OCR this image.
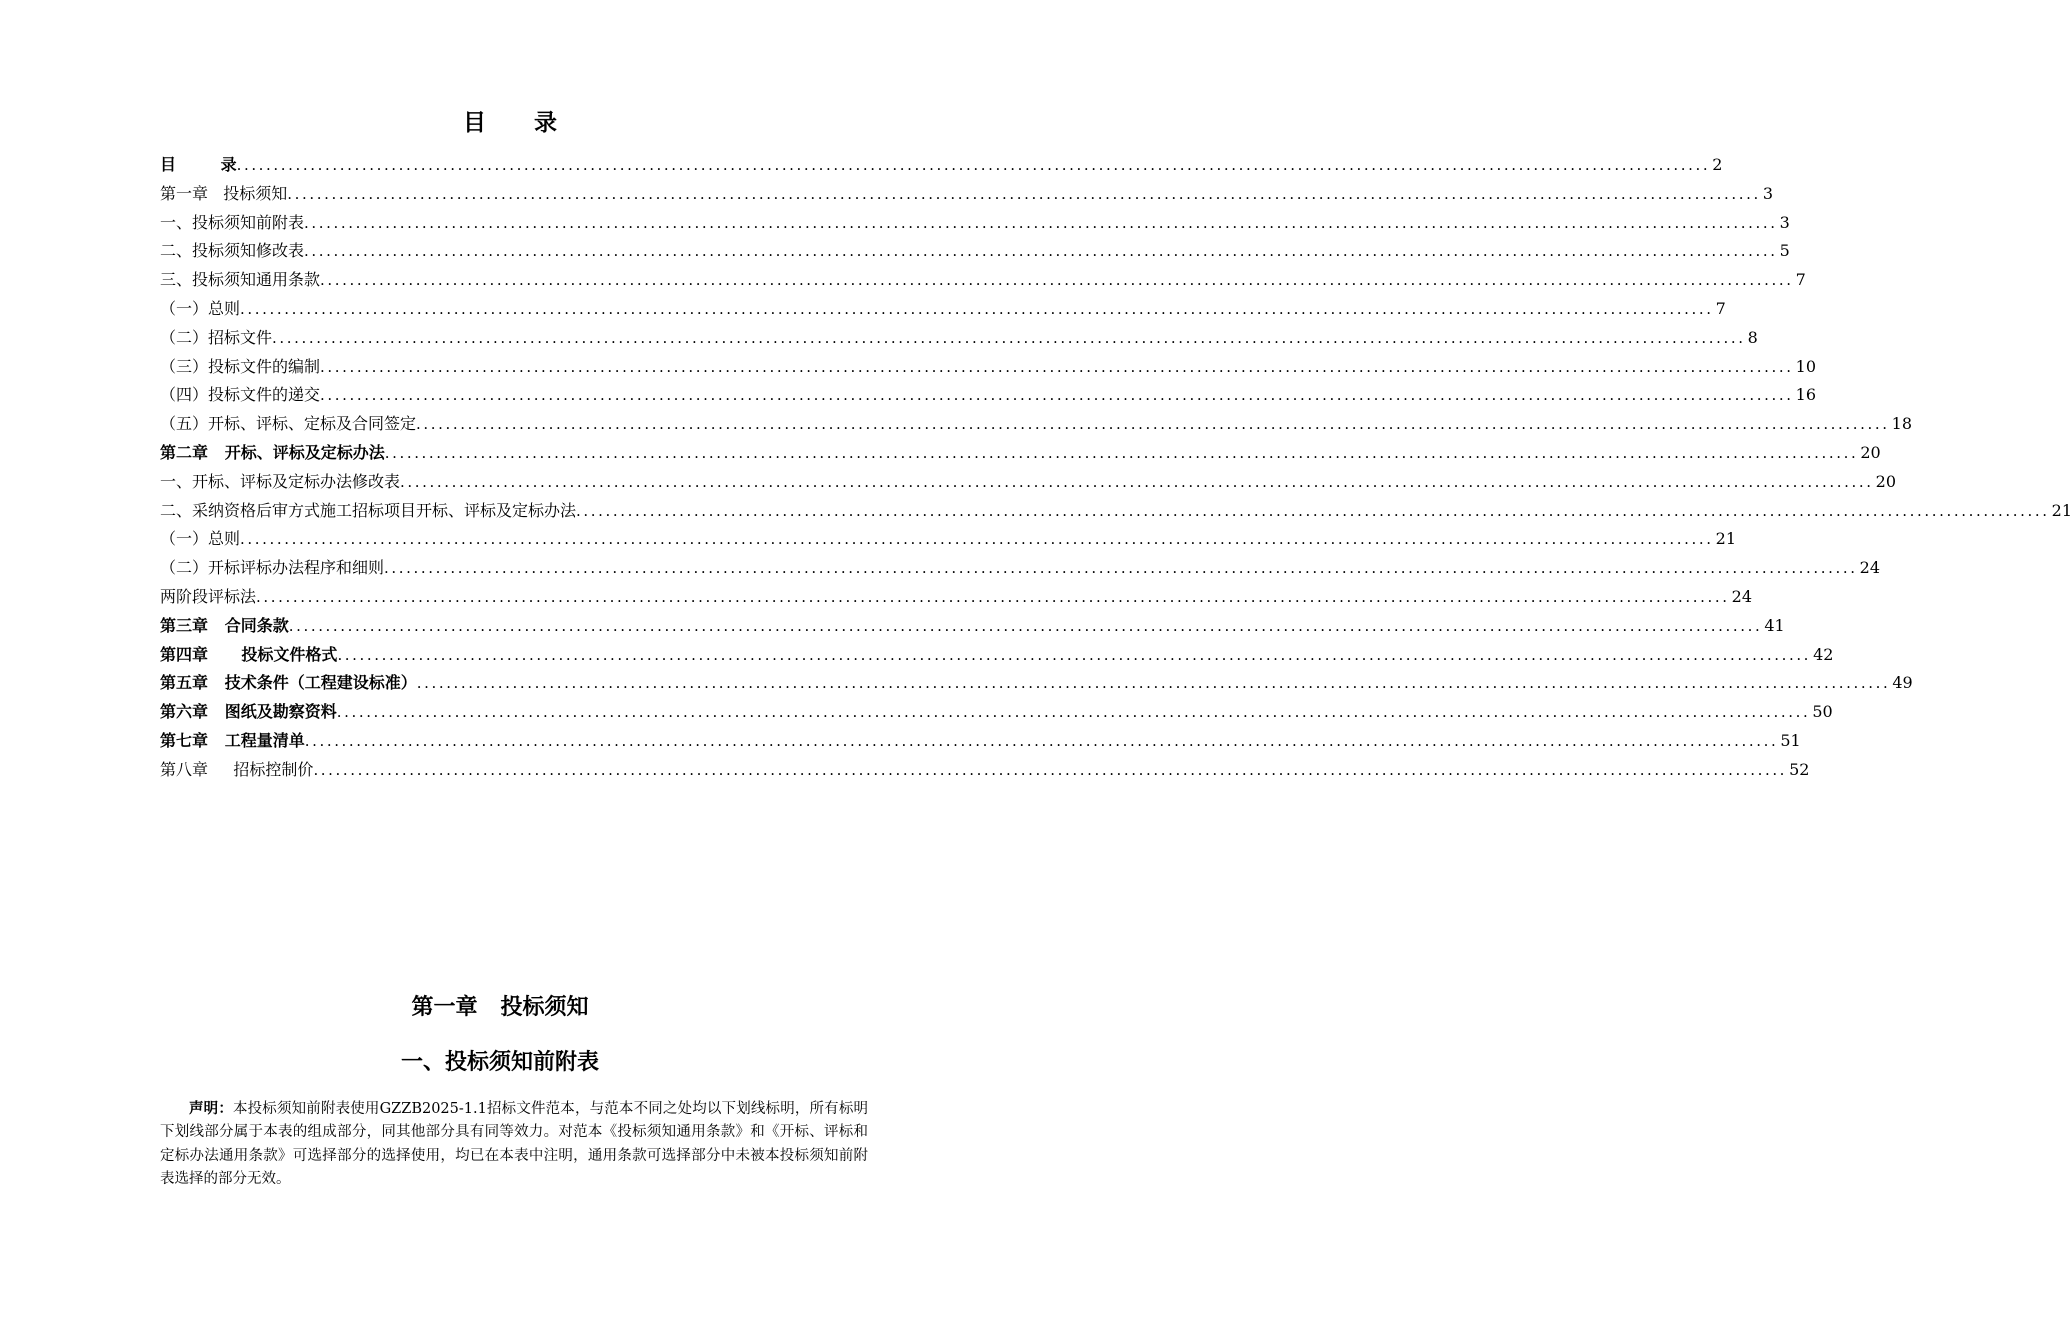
目      录
目        录 ........................................................................................................................................................................................................ 2
第一章   投标须知 ........................................................................................................................................................................................................ 3
一、投标须知前附表 ........................................................................................................................................................................................................ 3
二、投标须知修改表 ........................................................................................................................................................................................................ 5
三、投标须知通用条款 ........................................................................................................................................................................................................ 7
（一）总则 ........................................................................................................................................................................................................ 7
（二）招标文件 ........................................................................................................................................................................................................ 8
（三）投标文件的编制 ........................................................................................................................................................................................................ 10
（四）投标文件的递交 ........................................................................................................................................................................................................ 16
（五）开标、评标、定标及合同签定 ........................................................................................................................................................................................................ 18
第二章   开标、评标及定标办法 ........................................................................................................................................................................................................ 20
一、开标、评标及定标办法修改表 ........................................................................................................................................................................................................ 20
二、采纳资格后审方式施工招标项目开标、评标及定标办法 ........................................................................................................................................................................................................ 21
（一）总则 ........................................................................................................................................................................................................ 21
（二）开标评标办法程序和细则 ........................................................................................................................................................................................................ 24
两阶段评标法 ........................................................................................................................................................................................................ 24
第三章   合同条款 ........................................................................................................................................................................................................ 41
第四章      投标文件格式 ........................................................................................................................................................................................................ 42
第五章   技术条件（工程建设标准） ........................................................................................................................................................................................................ 49
第六章   图纸及勘察资料 ........................................................................................................................................................................................................ 50
第七章   工程量清单 ........................................................................................................................................................................................................ 51
第八章     招标控制价 ........................................................................................................................................................................................................ 52
第一章   投标须知
一、投标须知前附表
声明：本投标须知前附表使用GZZB2025-1.1招标文件范本，与范本不同之处均以下划线标明，所有标明下划线部分属于本表的组成部分，同其他部分具有同等效力。对范本《投标须知通用条款》和《开标、评标和定标办法通用条款》可选择部分的选择使用，均已在本表中注明，通用条款可选择部分中未被本投标须知前附表选择的部分无效。
